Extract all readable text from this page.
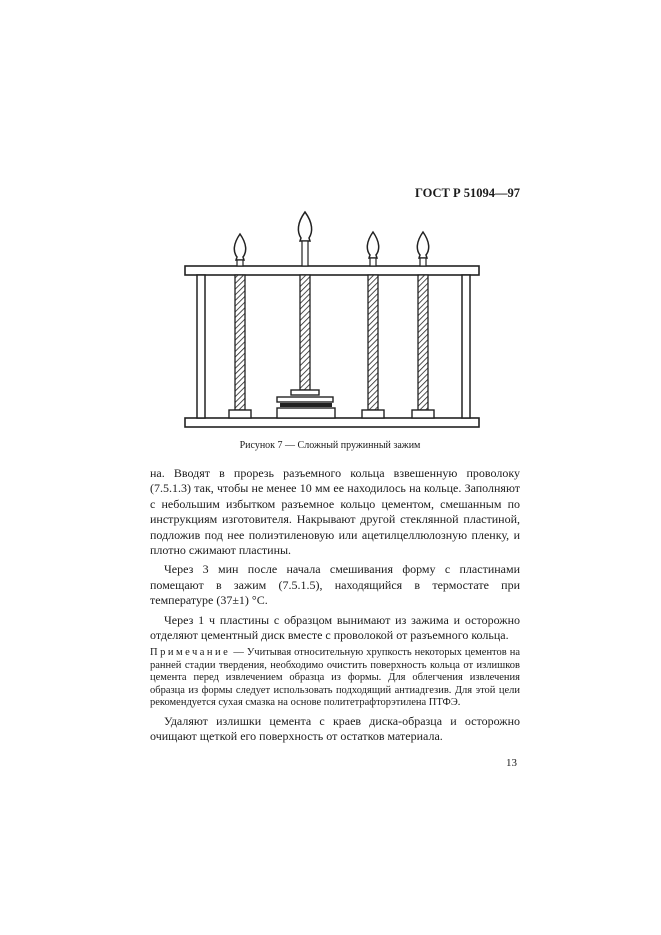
ГОСТ Р 51094—97
Рисунок 7 — Сложный пружинный зажим

на. Вводят в прорезь разъемного кольца взвешенную проволоку (7.5.1.3) так, чтобы не менее 10 мм ее находилось на кольце. Заполняют с небольшим избытком разъемное кольцо цементом, смешанным по инструкциям изготовителя. Накрывают другой стеклянной пластиной, подложив под нее полиэтиленовую или ацетилцеллюлозную пленку, и плотно сжимают пластины.

Через 3 мин после начала смешивания форму с пластинами помещают в зажим (7.5.1.5), находящийся в термостате при температуре (37±1) °С.

Через 1 ч пластины с образцом вынимают из зажима и осторожно отделяют цементный диск вместе с проволокой от разъемного кольца.

Примечание — Учитывая относительную хрупкость некоторых цементов на ранней стадии твердения, необходимо очистить поверхность кольца от излишков цемента перед извлечением образца из формы. Для облегчения извлечения образца из формы следует использовать подходящий антиадгезив. Для этой цели рекомендуется сухая смазка на основе политетрафторэтилена ПТФЭ.

Удаляют излишки цемента с краев диска-образца и осторожно очищают щеткой его поверхность от остатков материала.

13
